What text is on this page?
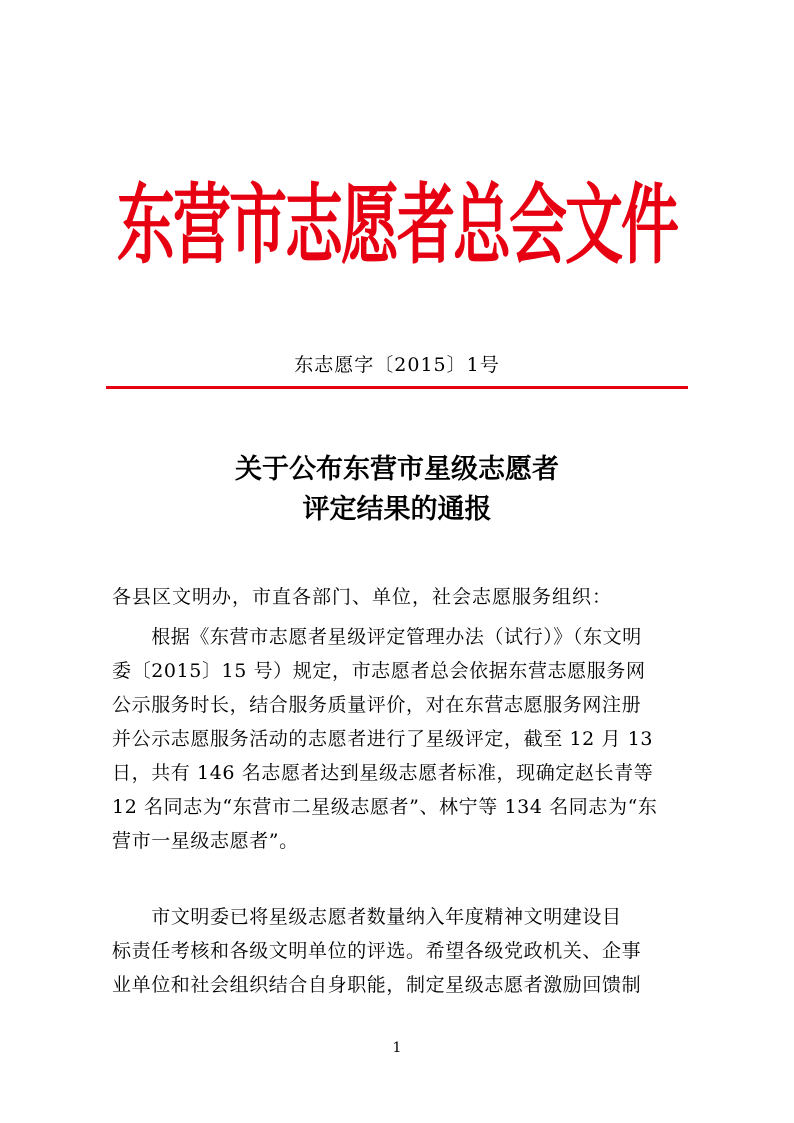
东营市志愿者总会文件
东志愿字〔2015〕1号
关于公布东营市星级志愿者
评定结果的通报
各县区文明办，市直各部门、单位，社会志愿服务组织：
　　根据《东营市志愿者星级评定管理办法（试行）》（东文明
委〔2015〕15 号）规定，市志愿者总会依据东营志愿服务网
公示服务时长，结合服务质量评价，对在东营志愿服务网注册
并公示志愿服务活动的志愿者进行了星级评定，截至 12 月 13
日，共有 146 名志愿者达到星级志愿者标准，现确定赵长青等
12 名同志为“东营市二星级志愿者”、林宁等 134 名同志为“东
营市一星级志愿者”。
　　市文明委已将星级志愿者数量纳入年度精神文明建设目
标责任考核和各级文明单位的评选。希望各级党政机关、企事
业单位和社会组织结合自身职能，制定星级志愿者激励回馈制
1
